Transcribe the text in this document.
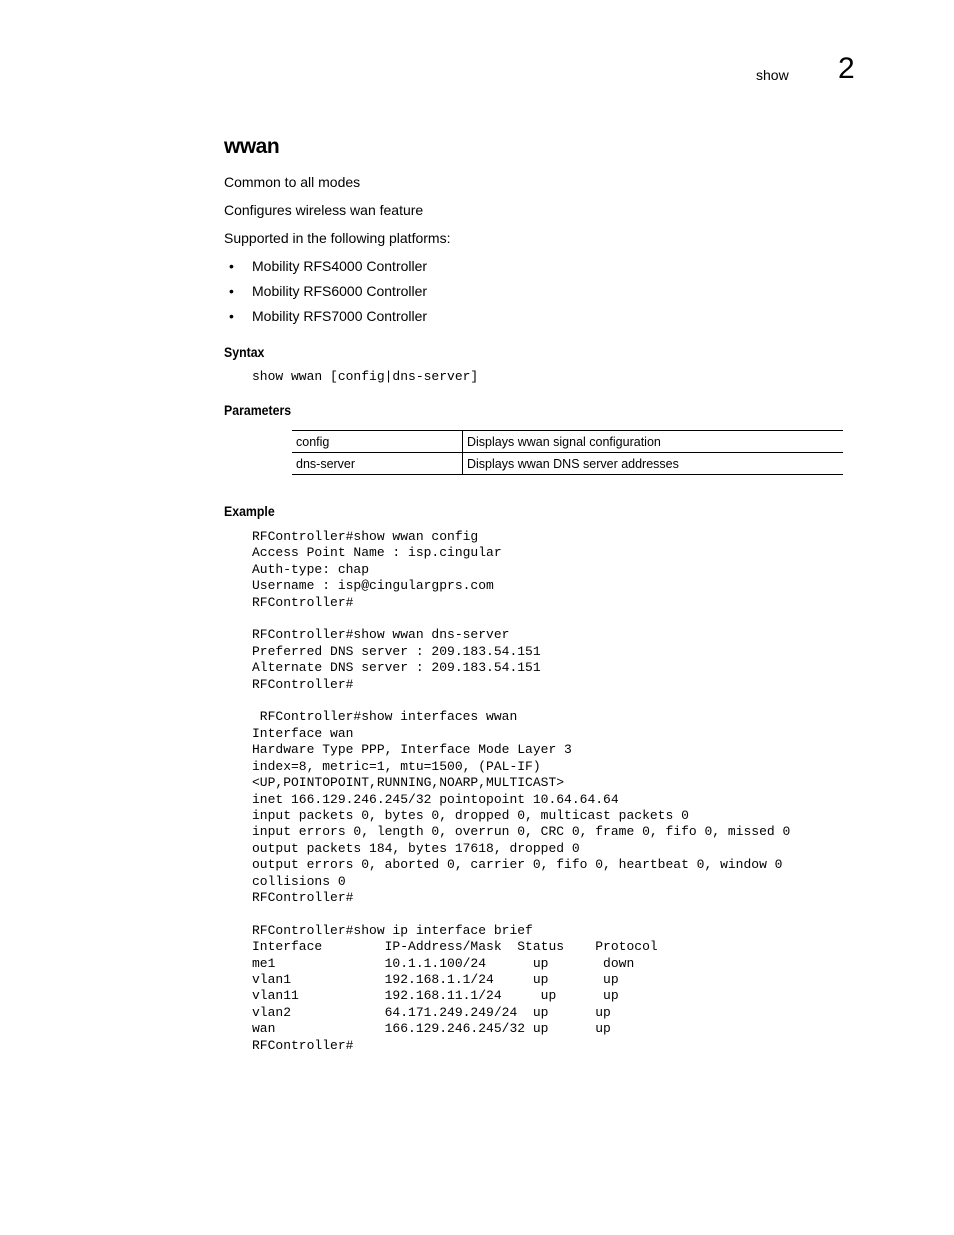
show 2
wwan
Common to all modes
Configures wireless wan feature
Supported in the following platforms:
• Mobility RFS4000 Controller
• Mobility RFS6000 Controller
• Mobility RFS7000 Controller
Syntax
show wwan [config|dns-server]
Parameters
config	Displays wwan signal configuration
dns-server	Displays wwan DNS server addresses
Example
RFController#show wwan config
Access Point Name : isp.cingular
Auth-type: chap
Username : isp@cingulargprs.com
RFController#

RFController#show wwan dns-server
Preferred DNS server : 209.183.54.151
Alternate DNS server : 209.183.54.151
RFController#

RFController#show interfaces wwan
Interface wan
Hardware Type PPP, Interface Mode Layer 3
index=8, metric=1, mtu=1500, (PAL-IF)
<UP,POINTOPOINT,RUNNING,NOARP,MULTICAST>
inet 166.129.246.245/32 pointopoint 10.64.64.64
input packets 0, bytes 0, dropped 0, multicast packets 0
input errors 0, length 0, overrun 0, CRC 0, frame 0, fifo 0, missed 0
output packets 184, bytes 17618, dropped 0
output errors 0, aborted 0, carrier 0, fifo 0, heartbeat 0, window 0
collisions 0
RFController#

RFController#show ip interface brief
Interface        IP-Address/Mask  Status    Protocol
me1              10.1.1.100/24      up       down
vlan1            192.168.1.1/24     up       up
vlan11           192.168.11.1/24     up      up
vlan2            64.171.249.249/24  up      up
wan              166.129.246.245/32 up      up
RFController#
